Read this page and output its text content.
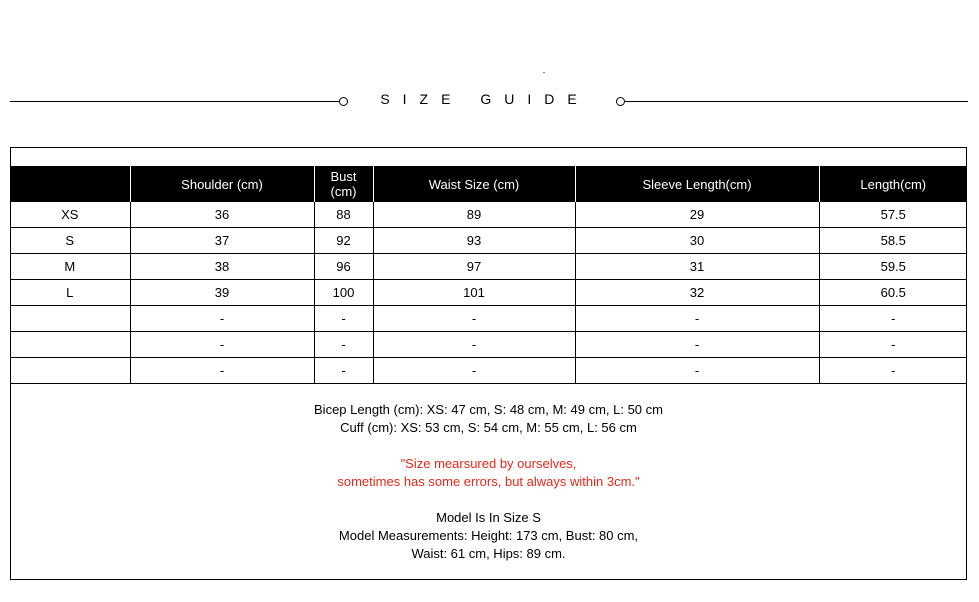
SIZE GUIDE
	Shoulder (cm)	Bust (cm)	Waist Size (cm)	Sleeve Length(cm)	Length(cm)
XS	36	88	89	29	57.5
S	37	92	93	30	58.5
M	38	96	97	31	59.5
L	39	100	101	32	60.5
	-	-	-	-	-
	-	-	-	-	-
	-	-	-	-	-
Bicep Length (cm): XS: 47 cm, S: 48 cm, M: 49 cm, L: 50 cm
Cuff (cm): XS: 53 cm, S: 54 cm, M: 55 cm, L: 56 cm
"Size mearsured by ourselves,
sometimes has some errors, but always within 3cm."
Model Is In Size S
Model Measurements: Height: 173 cm, Bust: 80 cm,
Waist: 61 cm, Hips: 89 cm.
